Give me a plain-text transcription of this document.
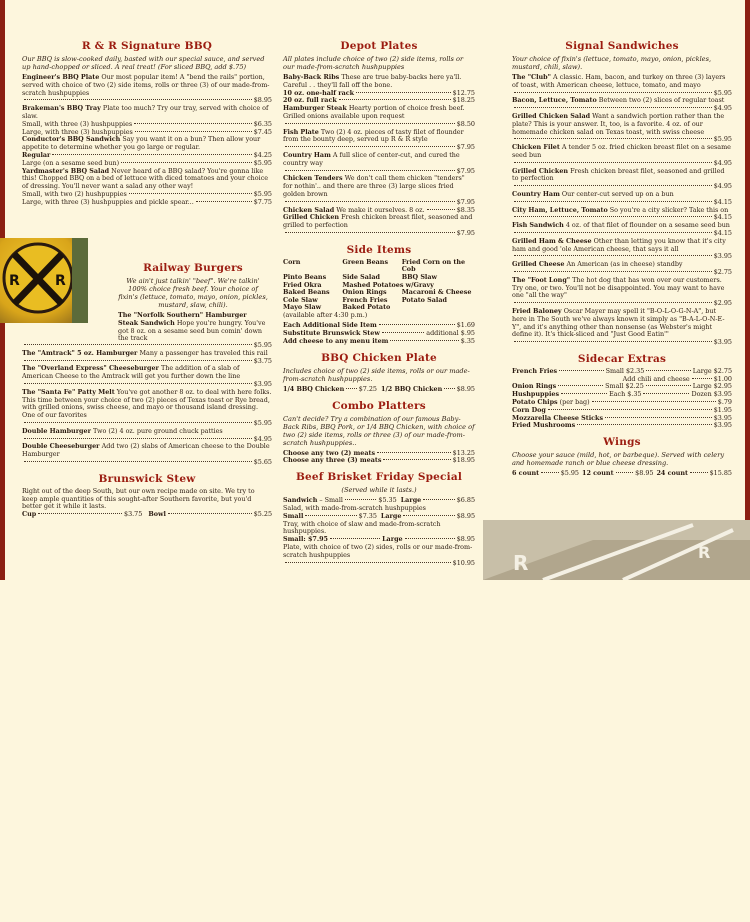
R	R
R	R
R & R Signature BBQ

Our BBQ is slow-cooked daily, basted with our special sauce, and served up hand-chopped or sliced. A real treat! (For sliced BBQ, add $.75)

Engineer's BBQ Plate Our most popular item! A "bend the rails" portion, served with choice of two (2) side items, rolls or three (3) of our made-from-scratch hushpuppies

$8.95

Brakeman's BBQ Tray Plate too much? Try our tray, served with choice of slaw.

Small, with three (3) hushpuppies	$6.35
Large, with three (3) hushpuppies	$7.45

Conductor's BBQ Sandwich Say you want it on a bun? Then allow your appetite to determine whether you go large or regular.

Regular	$4.25
Large (on a sesame seed bun)	$5.95

Yardmaster's BBQ Salad Never heard of a BBQ salad? You're gonna like this! Chopped BBQ on a bed of lettuce with diced tomatoes and your choice of dressing. You'll never want a salad any other way!

Small, with two (2) hushpuppies	$5.95
Large, with three (3) hushpuppies and pickle spear...	$7.75
Railway Burgers

We ain't just talkin' "beef". We're talkin' 100% choice fresh beef. Your choice of fixin's (lettuce, tomato, mayo, onion, pickles, mustard, slaw, chili).

The "Norfolk Southern" Hamburger Steak Sandwich Hope you're hungry. You've got 8 oz. on a sesame seed bun comin' down the track

$5.95

The "Amtrack" 5 oz. Hamburger Many a passenger has traveled this rail

$3.75

The "Overland Express" Cheeseburger The addition of a slab of American Cheese to the Amtrack will get you further down the line

$3.95

The "Santa Fe" Patty Melt You've got another 8 oz. to deal with here folks. This time between your choice of two (2) pieces of Texas toast or Rye bread, with grilled onions, swiss cheese, and mayo or thousand island dressing. One of our favorites

$5.95

Double Hamburger Two (2) 4 oz. pure ground chuck patties

$4.95

Double Cheeseburger Add two (2) slabs of American cheese to the Double Hamburger

$5.65
Brunswick Stew

Right out of the deep South, but our own recipe made on site. We try to keep ample quantities of this sought-after Southern favorite, but you'd better get it while it lasts.

Cup	$3.75 Bowl	$5.25
Depot Plates

All plates include choice of two (2) side items, rolls or our made-from-scratch hushpuppies

Baby-Back Ribs These are true baby-backs here ya'll. Careful . . they'll fall off the bone.

10 oz. one-half rack	$12.75
20 oz. full rack	$18.25

Hamburger Steak Hearty portion of choice fresh beef. Grilled onions available upon request

$8.50

Fish Plate Two (2) 4 oz. pieces of tasty filet of flounder from the bounty deep, served up R & R style

$7.95

Country Ham A full slice of center-cut, and cured the country way

$7.95

Chicken Tenders We don't call them chicken "tenders" for nothin'.. and there are three (3) large slices fried golden brown

$7.95
Chicken Salad We make it ourselves. 8 oz.	$8.35

Grilled Chicken Fresh chicken breast filet, seasoned and grilled to perfection

$7.95
Side Items
Corn	Green Beans	Fried Corn on the Cob
Pinto Beans	Side Salad	BBQ Slaw
Fried Okra	Mashed Potatoes w/Gravy
Baked Beans	Onion Rings	Macaroni & Cheese
Cole Slaw	French Fries	Potato Salad
Mayo Slaw	Baked Potato
(available after 4:30 p.m.)
Each Additional Side Item	$1.69
Substitute Brunswick Stew	additional $.95
Add cheese to any menu item	$.35
BBQ Chicken Plate

Includes choice of two (2) side items, rolls or our made-from-scratch hushpuppies.

1/4 BBQ Chicken $7.25 1/2 BBQ Chicken $8.95
Combo Platters

Can't decide? Try a combination of our famous Baby-Back Ribs, BBQ Pork, or 1/4 BBQ Chicken, with choice of two (2) side items, rolls or three (3) of our made-from-scratch hushpuppies..

Choose any two (2) meats	$13.25
Choose any three (3) meats	$18.95
Beef Brisket Friday Special

(Served while it lasts.)

Sandwich – Small	$5.35 Large	$6.85

Salad, with made-from-scratch hushpuppies

Small	$7.35 Large	$8.95

Tray, with choice of slaw and made-from-scratch hushpuppies.

Small: $7.95	Large	$8.95

Plate, with choice of two (2) sides, rolls or our made-from-scratch hushpuppies

$10.95
Signal Sandwiches

Your choice of fixin's (lettuce, tomato, mayo, onion, pickles, mustard, chili, slaw).

The "Club" A classic. Ham, bacon, and turkey on three (3) layers of toast, with American cheese, lettuce, tomato, and mayo

$5.95

Bacon, Lettuce, Tomato Between two (2) slices of regular toast

$4.95

Grilled Chicken Salad Want a sandwich portion rather than the plate? This is your answer. It, too, is a favorite. 4 oz. of our homemade chicken salad on Texas toast, with swiss cheese

$5.95

Chicken Filet A tender 5 oz. fried chicken breast filet on a sesame seed bun

$4.95

Grilled Chicken Fresh chicken breast filet, seasoned and grilled to perfection

$4.95

Country Ham Our center-cut served up on a bun

$4.15

City Ham, Lettuce, Tomato So you're a city slicker? Take this on

$4.15

Fish Sandwich 4 oz. of that filet of flounder on a sesame seed bun

$4.15

Grilled Ham & Cheese Other than letting you know that it's city ham and good 'ole American cheese, that says it all

$3.95

Grilled Cheese An American (as in cheese) standby

$2.75

The "Foot Long" The hot dog that has won over our customers. Try one, or two. You'll not be disappointed. You may want to have one "all the way"

$2.95

Fried Baloney Oscar Mayer may spell it "B-O-L-O-G-N-A", but here in The South we've always known it simply as "B-A-L-O-N-E-Y", and it's anything other than nonsense (as Webster's might define it). It's thick-sliced and "Just Good Eatin'"

$3.95
Sidecar Extras
French Fries	Small $2.35	Large $2.75
Add chili and cheese	$1.00
Onion Rings	Small $2.25	Large $2.95
Hushpuppies	Each $.35	Dozen $3.95
Potato Chips (per bag)	$.79
Corn Dog	$1.95
Mozzarella Cheese Sticks	$3.95
Fried Mushrooms	$3.95
Wings

Choose your sauce (mild, hot, or barbeque). Served with celery and homemade ranch or blue cheese dressing.

6 count	$5.95 12 count	$8.95 24 count	$15.85
